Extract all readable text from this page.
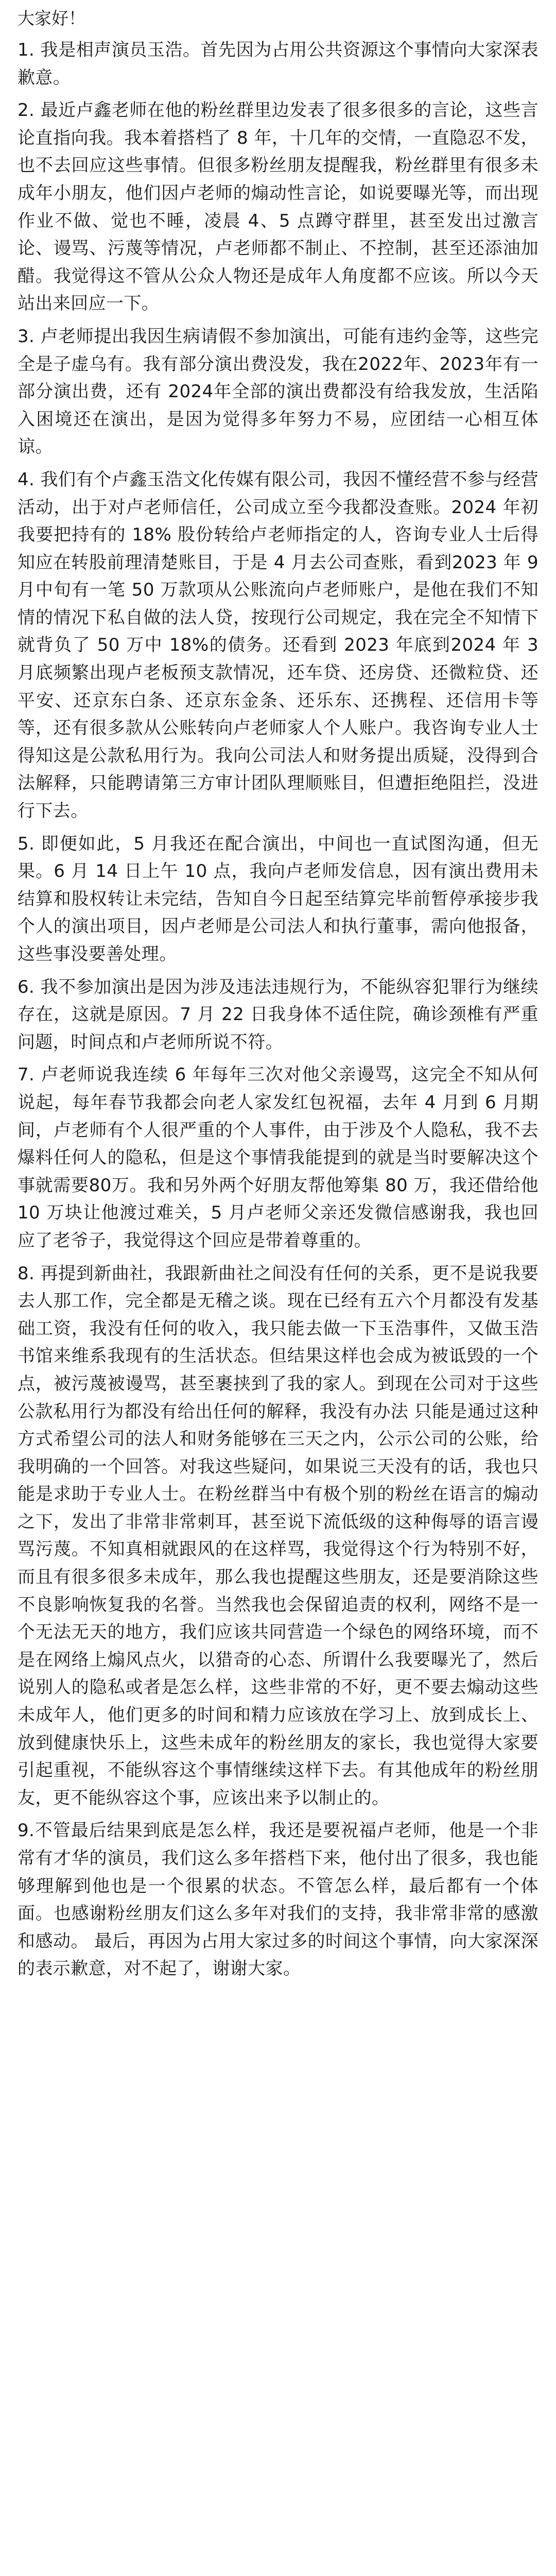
大家好！

1. 我是相声演员玉浩。首先因为占用公共资源这个事情向大家深表歉意。

2. 最近卢鑫老师在他的粉丝群里边发表了很多很多的言论，这些言论直指向我。我本着搭档了 8 年，十几年的交情，一直隐忍不发，也不去回应这些事情。但很多粉丝朋友提醒我，粉丝群里有很多未成年小朋友，他们因卢老师的煽动性言论，如说要曝光等，而出现作业不做、觉也不睡，凌晨 4、5 点蹲守群里，甚至发出过激言论、谩骂、污蔑等情况，卢老师都不制止、不控制，甚至还添油加醋。我觉得这不管从公众人物还是成年人角度都不应该。所以今天站出来回应一下。

3. 卢老师提出我因生病请假不参加演出，可能有违约金等，这些完全是子虚乌有。我有部分演出费没发，我在2022年、2023年有一部分演出费，还有 2024年全部的演出费都没有给我发放，生活陷入困境还在演出，是因为觉得多年努力不易，应团结一心相互体谅。

4. 我们有个卢鑫玉浩文化传媒有限公司，我因不懂经营不参与经营活动，出于对卢老师信任，公司成立至今我都没查账。2024 年初我要把持有的 18% 股份转给卢老师指定的人，咨询专业人士后得知应在转股前理清楚账目，于是 4 月去公司查账，看到2023 年 9 月中旬有一笔 50 万款项从公账流向卢老师账户，是他在我们不知情的情况下私自做的法人贷，按现行公司规定，我在完全不知情下就背负了 50 万中 18%的债务。还看到 2023 年底到2024 年 3 月底频繁出现卢老板预支款情况，还车贷、还房贷、还微粒贷、还平安、还京东白条、还京东金条、还乐东、还携程、还信用卡等等，还有很多款从公账转向卢老师家人个人账户。我咨询专业人士得知这是公款私用行为。我向公司法人和财务提出质疑，没得到合法解释，只能聘请第三方审计团队理顺账目，但遭拒绝阻拦，没进行下去。

5. 即便如此，5 月我还在配合演出，中间也一直试图沟通，但无果。6 月 14 日上午 10 点，我向卢老师发信息，因有演出费用未结算和股权转让未完结，告知自今日起至结算完毕前暂停承接步我个人的演出项目，因卢老师是公司法人和执行董事，需向他报备，这些事没要善处理。

6. 我不参加演出是因为涉及违法违规行为，不能纵容犯罪行为继续存在，这就是原因。7 月 22 日我身体不适住院，确诊颈椎有严重问题，时间点和卢老师所说不符。

7. 卢老师说我连续 6 年每年三次对他父亲谩骂，这完全不知从何说起，每年春节我都会向老人家发红包祝福，去年 4 月到 6 月期间，卢老师有个人很严重的个人事件，由于涉及个人隐私，我不去爆料任何人的隐私，但是这个事情我能提到的就是当时要解决这个事就需要80万。我和另外两个好朋友帮他筹集 80 万，我还借给他 10 万块让他渡过难关，5 月卢老师父亲还发微信感谢我，我也回应了老爷子，我觉得这个回应是带着尊重的。

8. 再提到新曲社，我跟新曲社之间没有任何的关系，更不是说我要去人那工作，完全都是无稽之谈。现在已经有五六个月都没有发基础工资，我没有任何的收入，我只能去做一下玉浩事件，又做玉浩书馆来维系我现有的生活状态。但结果这样也会成为被诋毁的一个点，被污蔑被谩骂，甚至裹挟到了我的家人。到现在公司对于这些公款私用行为都没有给出任何的解释，我没有办法 只能是通过这种方式希望公司的法人和财务能够在三天之内，公示公司的公账，给我明确的一个回答。对我这些疑问，如果说三天没有的话，我也只能是求助于专业人士。在粉丝群当中有极个别的粉丝在语言的煽动之下，发出了非常非常刺耳，甚至说下流低级的这种侮辱的语言谩骂污蔑。不知真相就跟风的在这样骂，我觉得这个行为特别不好，而且有很多很多未成年，那么我也提醒这些朋友，还是要消除这些不良影响恢复我的名誉。当然我也会保留追责的权利，网络不是一个无法无天的地方，我们应该共同营造一个绿色的网络环境，而不是在网络上煽风点火，以猎奇的心态、所谓什么我要曝光了，然后说别人的隐私或者是怎么样，这些非常的不好，更不要去煽动这些未成年人，他们更多的时间和精力应该放在学习上、放到成长上、放到健康快乐上，这些未成年的粉丝朋友的家长，我也觉得大家要引起重视，不能纵容这个事情继续这样下去。有其他成年的粉丝朋友，更不能纵容这个事，应该出来予以制止的。

9.不管最后结果到底是怎么样，我还是要祝福卢老师，他是一个非常有才华的演员，我们这么多年搭档下来，他付出了很多，我也能够理解到他也是一个很累的状态。不管怎么样，最后都有一个体面。也感谢粉丝朋友们这么多年对我们的支持，我非常非常的感激和感动。 最后，再因为占用大家过多的时间这个事情，向大家深深的表示歉意，对不起了，谢谢大家。
